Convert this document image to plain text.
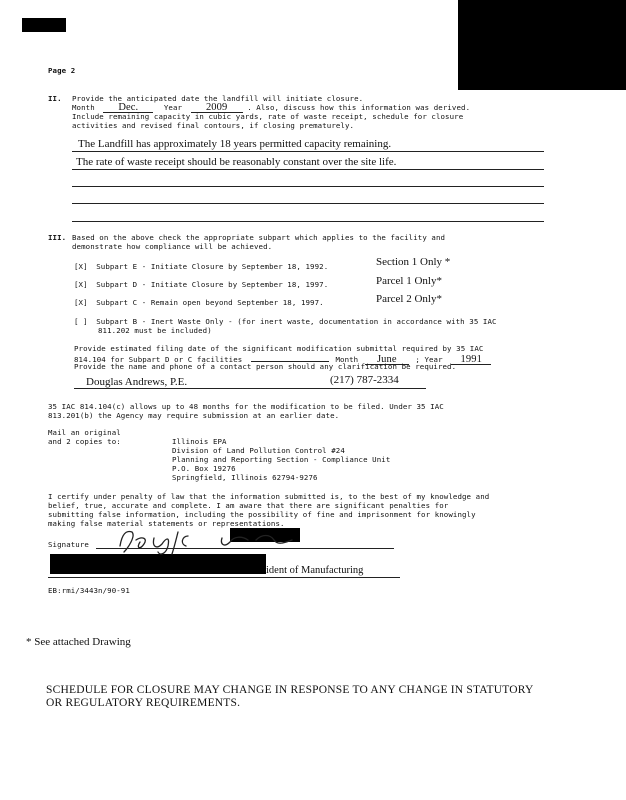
Page 2
II. Provide the anticipated date the landfill will initiate closure.
Month Dec.	Year 2009	. Also, discuss how this information was derived.
Include remaining capacity in cubic yards, rate of waste receipt, schedule for closure
activities and revised final contours, if closing prematurely.
The Landfill has approximately 18 years permitted capacity remaining.
The rate of waste receipt should be reasonably constant over the site life.
III. Based on the above check the appropriate subpart which applies to the facility and
demonstrate how compliance will be achieved.
[X] Subpart E - Initiate Closure by September 18, 1992.	Section 1 Only *
[X] Subpart D - Initiate Closure by September 18, 1997.	Parcel 1 Only*
[X] Subpart C - Remain open beyond September 18, 1997.	Parcel 2 Only*
[ ] Subpart B - Inert Waste Only - (for inert waste, documentation in accordance with 35 IAC
811.202 must be included)
Provide estimated filing date of the significant modification submittal required by 35 IAC
814.104 for Subpart D or C facilities	Month June	; Year 1991
Provide the name and phone of a contact person should any clarification be required.
Douglas Andrews, P.E.	(217) 787-2334
35 IAC 814.104(c) allows up to 48 months for the modification to be filed. Under 35 IAC
813.201(b) the Agency may require submission at an earlier date.
Mail an original
and 2 copies to:	Illinois EPA
Division of Land Pollution Control #24
Planning and Reporting Section - Compliance Unit
P.O. Box 19276
Springfield, Illinois 62794-9276
I certify under penalty of law that the information submitted is, to the best of my knowledge and
belief, true, accurate and complete. I am aware that there are significant penalties for
submitting false information, including the possibility of fine and imprisonment for knowingly
making false material statements or representations.
Signature
ident of Manufacturing
EB:rmi/3443n/90-91
* See attached Drawing
SCHEDULE FOR CLOSURE MAY CHANGE IN RESPONSE TO ANY CHANGE IN STATUTORY
OR REGULATORY REQUIREMENTS.
